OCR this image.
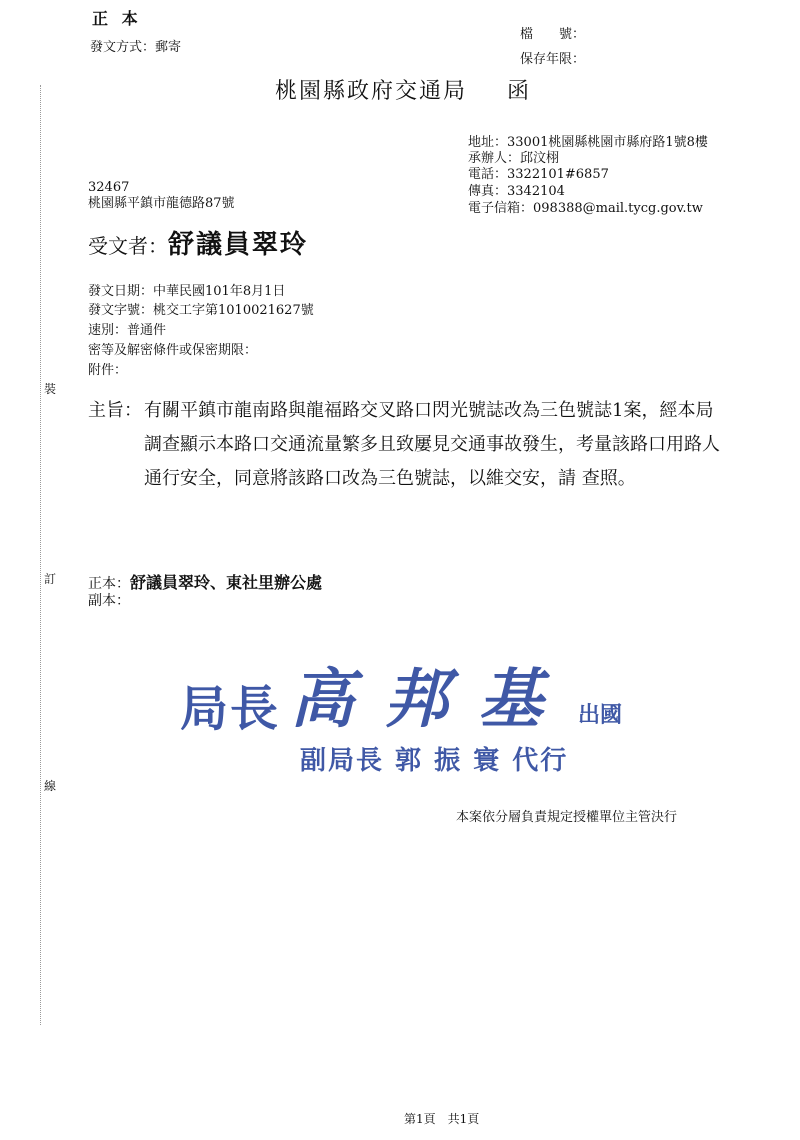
裝
訂
線
正 本
發文方式：郵寄
檔　　號：
保存年限：
桃園縣政府交通局 函
地址：33001桃園縣桃園市縣府路1號8樓
承辦人：邱汶栩
電話：3322101#6857
傳真：3342104
電子信箱：098388@mail.tycg.gov.tw
32467
桃園縣平鎮市龍德路87號
受文者：舒議員翠玲
發文日期：中華民國101年8月1日
發文字號：桃交工字第1010021627號
速別：普通件
密等及解密條件或保密期限：
附件：
主旨： 有關平鎮市龍南路與龍福路交叉路口閃光號誌改為三色號誌1案，經本局調查顯示本路口交通流量繁多且致屢見交通事故發生，考量該路口用路人通行安全，同意將該路口改為三色號誌，以維交安，請 查照。
正本：舒議員翠玲、東社里辦公處
副本：
局長 高 邦 基 出國
副局長 郭 振 寰 代行
本案依分層負責規定授權單位主管決行
第1頁　共1頁
